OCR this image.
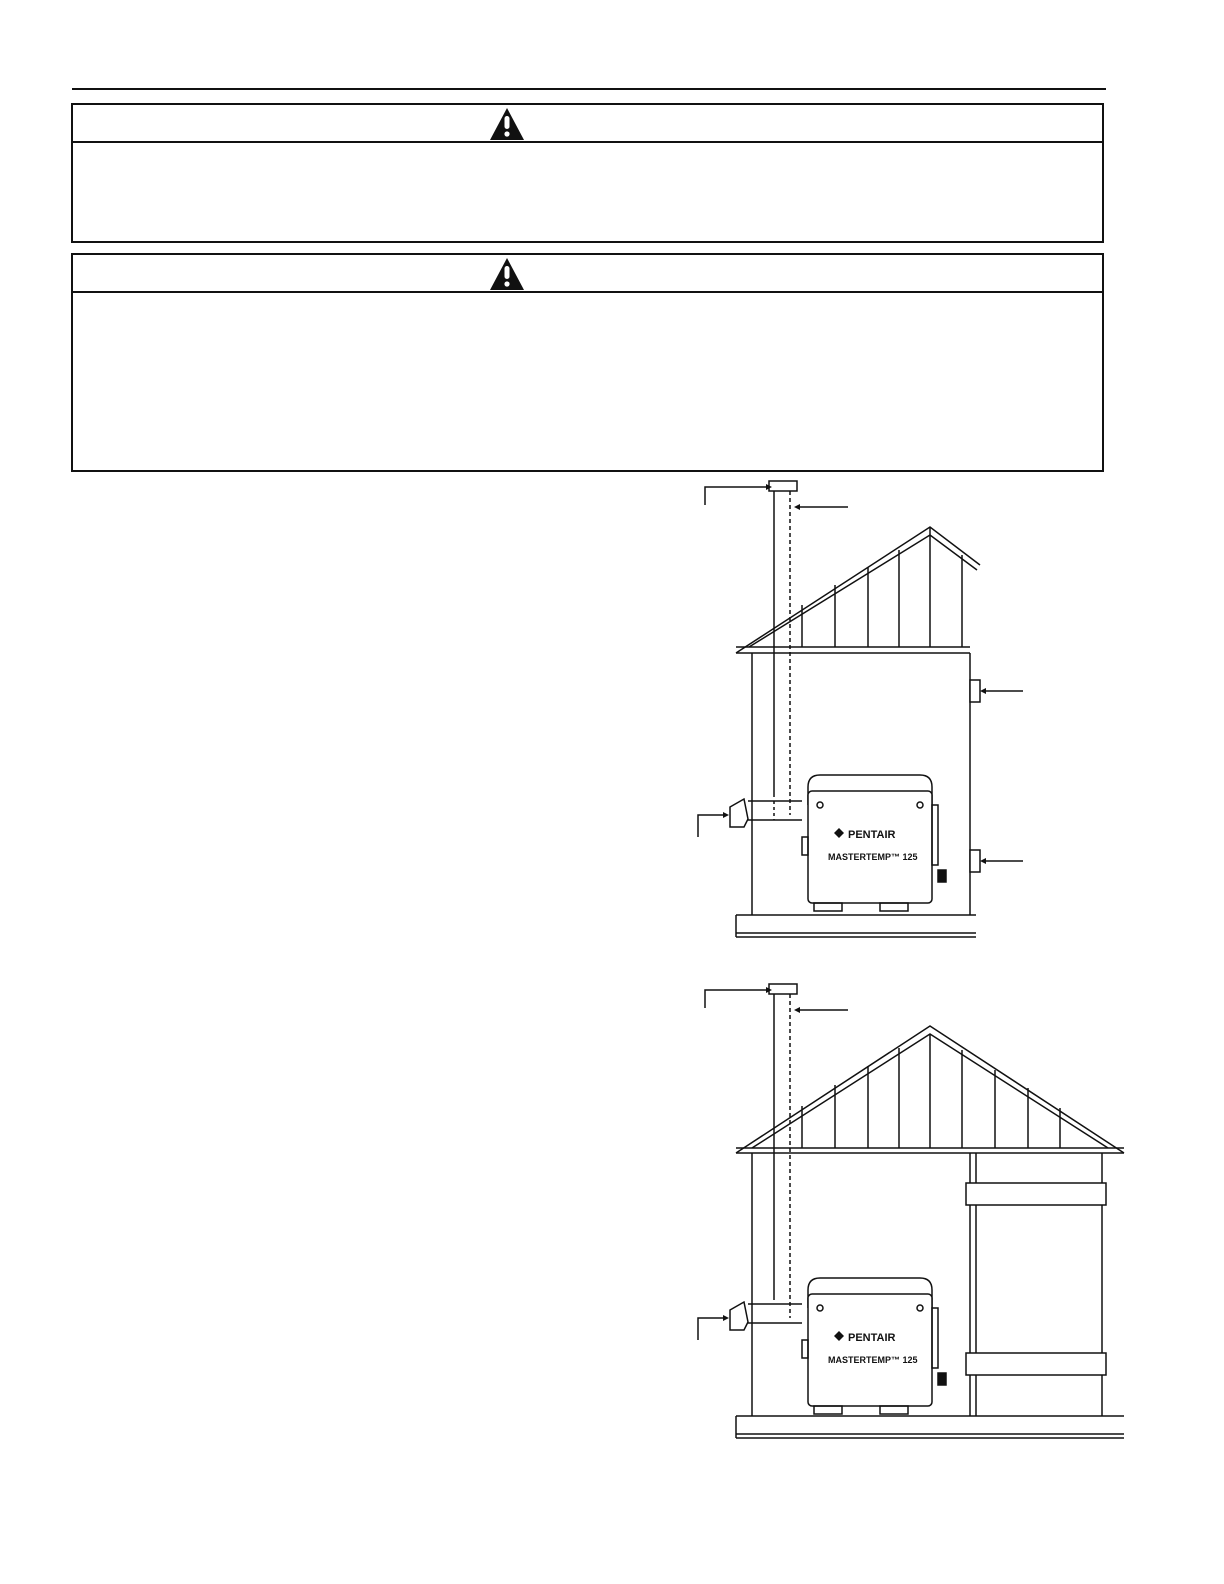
PENTAIR
MASTERTEMP™ 125
PENTAIR
MASTERTEMP™ 125
